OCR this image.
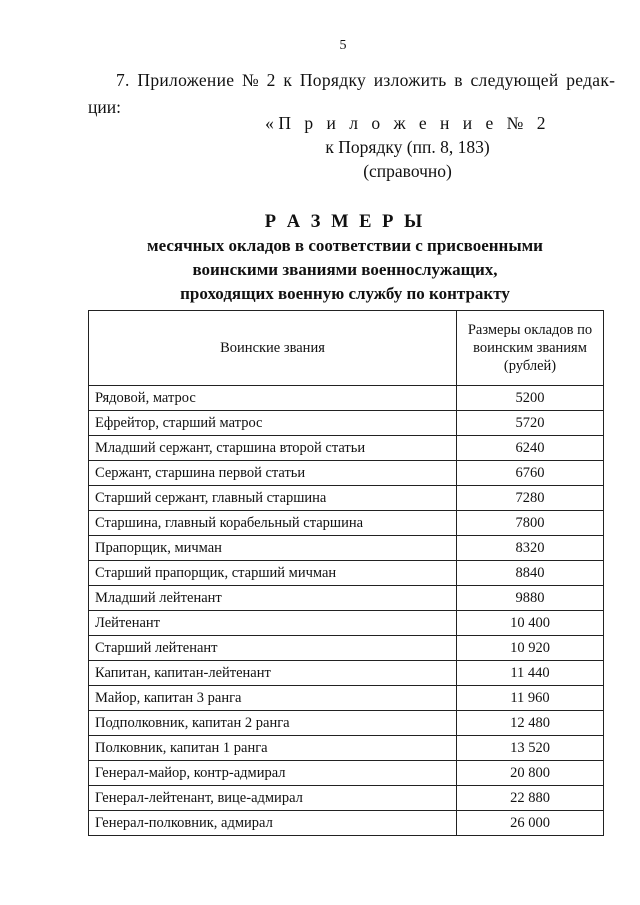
5
7. Приложение № 2 к Порядку изложить в следующей редак-
ции:
«П р и л о ж е н и е № 2
к Порядку (пп. 8, 183)
(справочно)
Р А З М Е Р Ы
месячных окладов в соответствии с присвоенными
воинскими званиями военнослужащих,
проходящих военную службу по контракту
Воинские звания	Размеры окладов по воинским званиям (рублей)
Рядовой, матрос	5200
Ефрейтор, старший матрос	5720
Младший сержант, старшина второй статьи	6240
Сержант, старшина первой статьи	6760
Старший сержант, главный старшина	7280
Старшина, главный корабельный старшина	7800
Прапорщик, мичман	8320
Старший прапорщик, старший мичман	8840
Младший лейтенант	9880
Лейтенант	10 400
Старший лейтенант	10 920
Капитан, капитан-лейтенант	11 440
Майор, капитан 3 ранга	11 960
Подполковник, капитан 2 ранга	12 480
Полковник, капитан 1 ранга	13 520
Генерал-майор, контр-адмирал	20 800
Генерал-лейтенант, вице-адмирал	22 880
Генерал-полковник, адмирал	26 000
